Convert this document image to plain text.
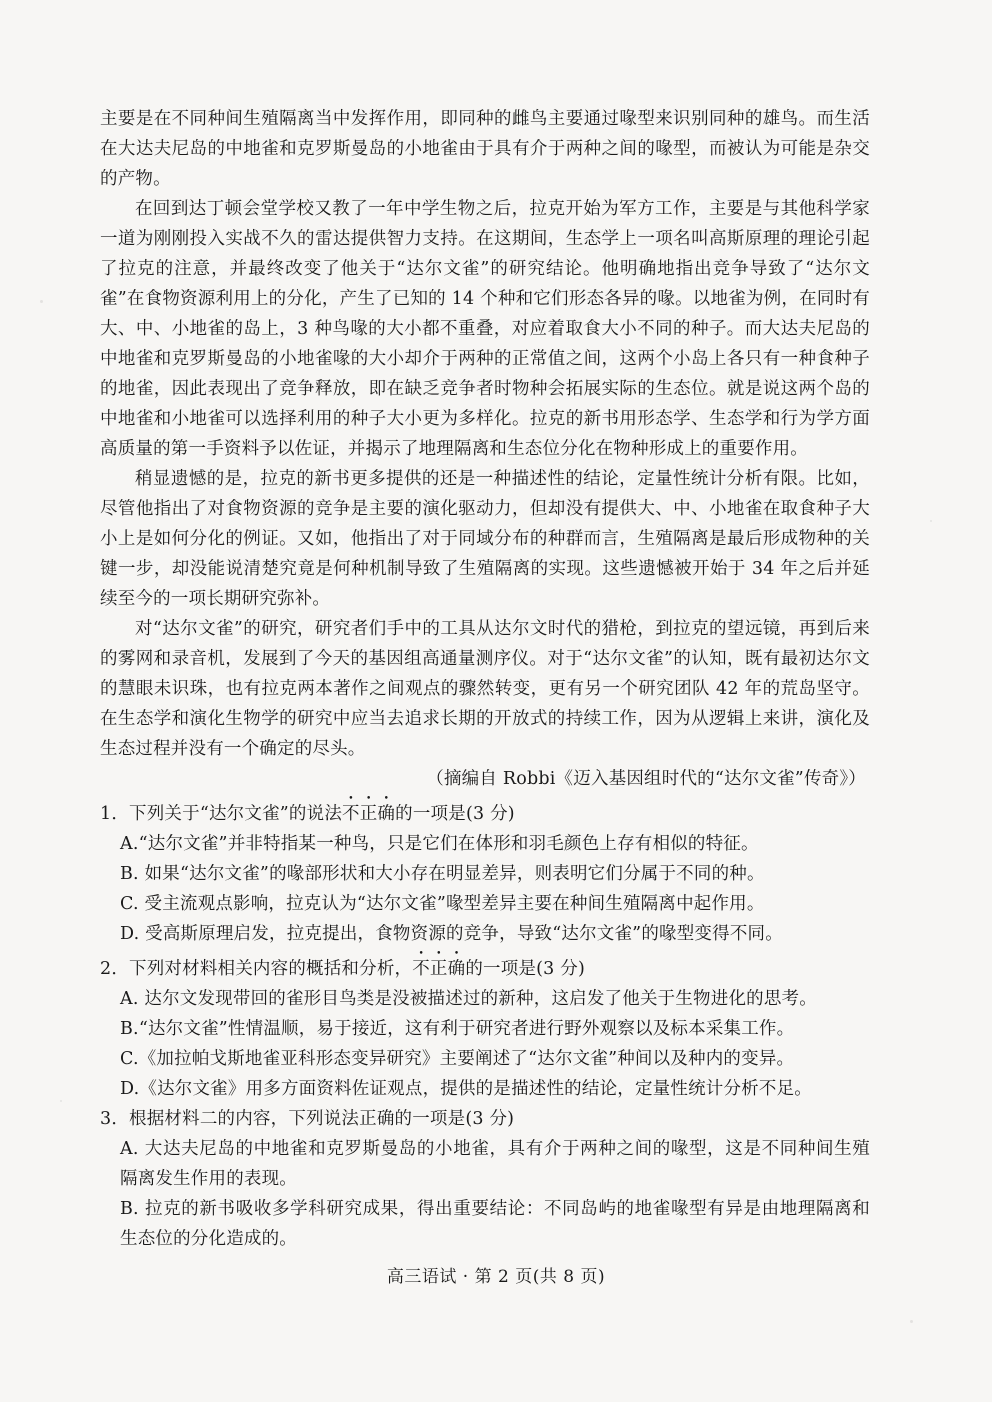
主要是在不同种间生殖隔离当中发挥作用，即同种的雌鸟主要通过喙型来识别同种的雄鸟。而生活在大达夫尼岛的中地雀和克罗斯曼岛的小地雀由于具有介于两种之间的喙型，而被认为可能是杂交的产物。

在回到达丁顿会堂学校又教了一年中学生物之后，拉克开始为军方工作，主要是与其他科学家一道为刚刚投入实战不久的雷达提供智力支持。在这期间，生态学上一项名叫高斯原理的理论引起了拉克的注意，并最终改变了他关于“达尔文雀”的研究结论。他明确地指出竞争导致了“达尔文雀”在食物资源利用上的分化，产生了已知的 14 个种和它们形态各异的喙。以地雀为例，在同时有大、中、小地雀的岛上，3 种鸟喙的大小都不重叠，对应着取食大小不同的种子。而大达夫尼岛的中地雀和克罗斯曼岛的小地雀喙的大小却介于两种的正常值之间，这两个小岛上各只有一种食种子的地雀，因此表现出了竞争释放，即在缺乏竞争者时物种会拓展实际的生态位。就是说这两个岛的中地雀和小地雀可以选择利用的种子大小更为多样化。拉克的新书用形态学、生态学和行为学方面高质量的第一手资料予以佐证，并揭示了地理隔离和生态位分化在物种形成上的重要作用。

稍显遗憾的是，拉克的新书更多提供的还是一种描述性的结论，定量性统计分析有限。比如，尽管他指出了对食物资源的竞争是主要的演化驱动力，但却没有提供大、中、小地雀在取食种子大小上是如何分化的例证。又如，他指出了对于同域分布的种群而言，生殖隔离是最后形成物种的关键一步，却没能说清楚究竟是何种机制导致了生殖隔离的实现。这些遗憾被开始于 34 年之后并延续至今的一项长期研究弥补。

对“达尔文雀”的研究，研究者们手中的工具从达尔文时代的猎枪，到拉克的望远镜，再到后来的雾网和录音机，发展到了今天的基因组高通量测序仪。对于“达尔文雀”的认知，既有最初达尔文的慧眼未识珠，也有拉克两本著作之间观点的骤然转变，更有另一个研究团队 42 年的荒岛坚守。在生态学和演化生物学的研究中应当去追求长期的开放式的持续工作，因为从逻辑上来讲，演化及生态过程并没有一个确定的尽头。

（摘编自 Robbi《迈入基因组时代的“达尔文雀”传奇》）

1．下列关于“达尔文雀”的说法不正确的一项是(3 分)

A.“达尔文雀”并非特指某一种鸟，只是它们在体形和羽毛颜色上存有相似的特征。

B. 如果“达尔文雀”的喙部形状和大小存在明显差异，则表明它们分属于不同的种。

C. 受主流观点影响，拉克认为“达尔文雀”喙型差异主要在种间生殖隔离中起作用。

D. 受高斯原理启发，拉克提出，食物资源的竞争，导致“达尔文雀”的喙型变得不同。

2．下列对材料相关内容的概括和分析，不正确的一项是(3 分)

A. 达尔文发现带回的雀形目鸟类是没被描述过的新种，这启发了他关于生物进化的思考。

B.“达尔文雀”性情温顺，易于接近，这有利于研究者进行野外观察以及标本采集工作。

C.《加拉帕戈斯地雀亚科形态变异研究》主要阐述了“达尔文雀”种间以及种内的变异。

D.《达尔文雀》用多方面资料佐证观点，提供的是描述性的结论，定量性统计分析不足。

3．根据材料二的内容，下列说法正确的一项是(3 分)

A. 大达夫尼岛的中地雀和克罗斯曼岛的小地雀，具有介于两种之间的喙型，这是不同种间生殖隔离发生作用的表现。

B. 拉克的新书吸收多学科研究成果，得出重要结论：不同岛屿的地雀喙型有异是由地理隔离和生态位的分化造成的。

高三语试 · 第 2 页(共 8 页)
